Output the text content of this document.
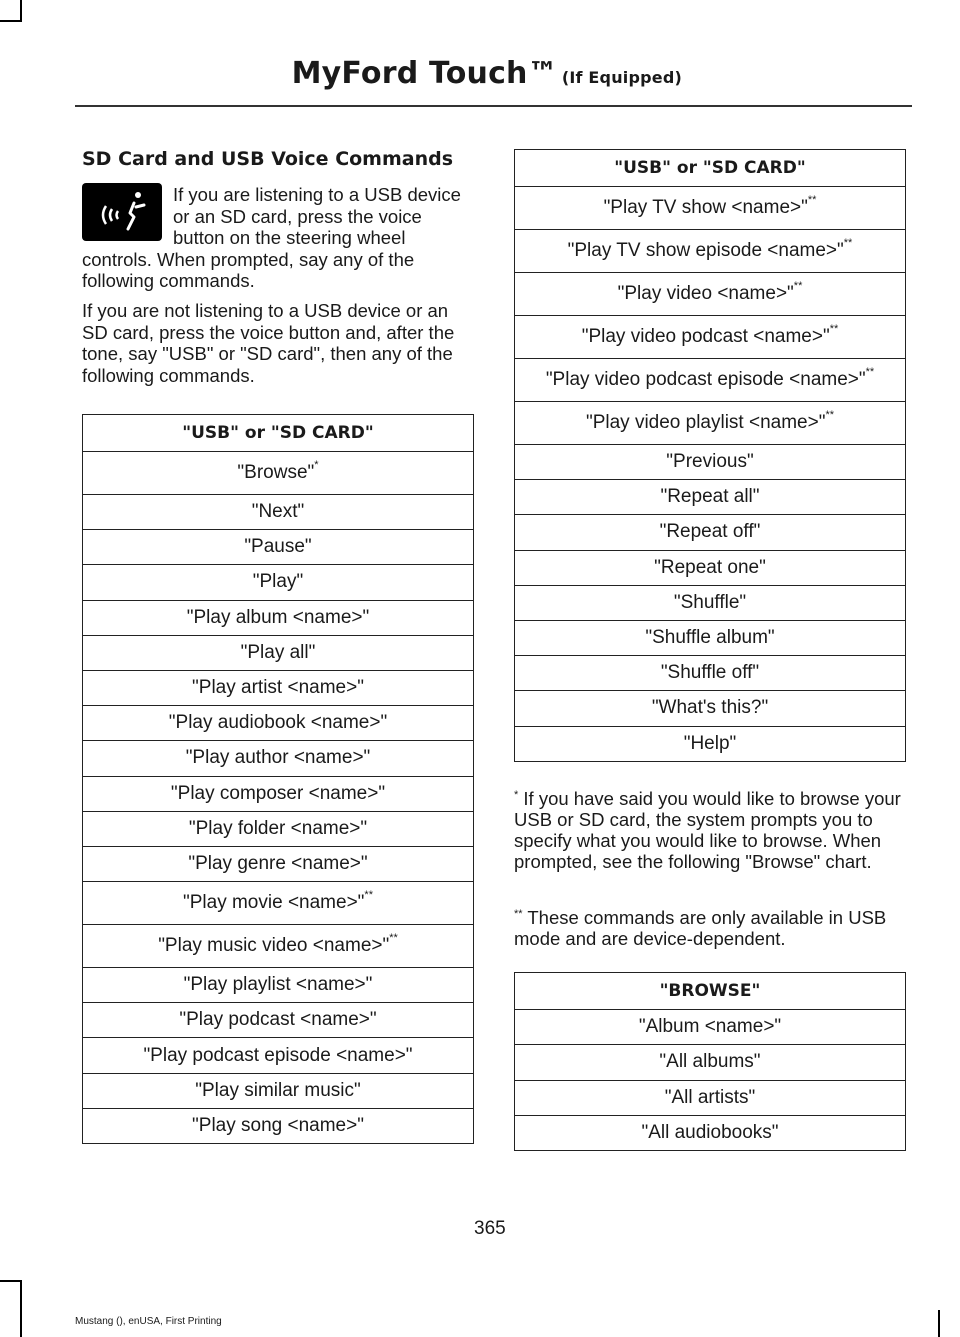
MyFord Touch™ (If Equipped)
SD Card and USB Voice Commands
If you are listening to a USB device or an SD card, press the voice button on the steering wheel controls. When prompted, say any of the following commands.
If you are not listening to a USB device or an SD card, press the voice button and, after the tone, say "USB" or "SD card", then any of the following commands.
"USB" or "SD CARD"
"Browse"*
"Next"
"Pause"
"Play"
"Play album <name>"
"Play all"
"Play artist <name>"
"Play audiobook <name>"
"Play author <name>"
"Play composer <name>"
"Play folder <name>"
"Play genre <name>"
"Play movie <name>"**
"Play music video <name>"**
"Play playlist <name>"
"Play podcast <name>"
"Play podcast episode <name>"
"Play similar music"
"Play song <name>"
"USB" or "SD CARD"
"Play TV show <name>"**
"Play TV show episode <name>"**
"Play video <name>"**
"Play video podcast <name>"**
"Play video podcast episode <name>"**
"Play video playlist <name>"**
"Previous"
"Repeat all"
"Repeat off"
"Repeat one"
"Shuffle"
"Shuffle album"
"Shuffle off"
"What's this?"
"Help"
* If you have said you would like to browse your USB or SD card, the system prompts you to specify what you would like to browse. When prompted, see the following "Browse" chart.
** These commands are only available in USB mode and are device-dependent.
"BROWSE"
"Album <name>"
"All albums"
"All artists"
"All audiobooks"
365
Mustang (), enUSA, First Printing
